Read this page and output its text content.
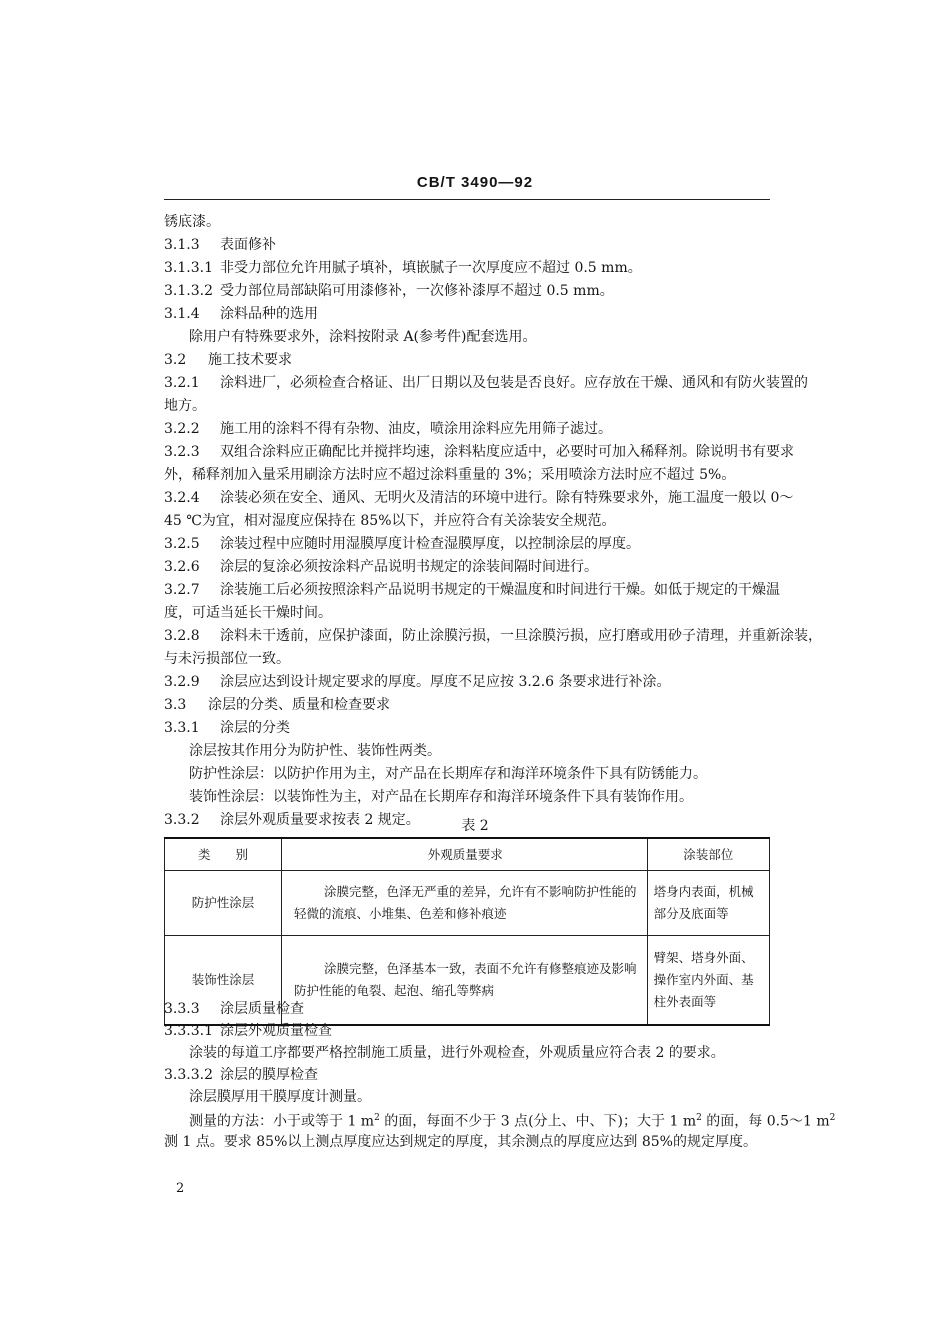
CB/T 3490—92
锈底漆。
3.1.3 表面修补
3.1.3.1 非受力部位允许用腻子填补，填嵌腻子一次厚度应不超过 0.5 mm。
3.1.3.2 受力部位局部缺陷可用漆修补，一次修补漆厚不超过 0.5 mm。
3.1.4 涂料品种的选用
除用户有特殊要求外，涂料按附录 A(参考件)配套选用。
3.2 施工技术要求
3.2.1 涂料进厂，必须检查合格证、出厂日期以及包装是否良好。应存放在干燥、通风和有防火装置的
地方。
3.2.2 施工用的涂料不得有杂物、油皮，喷涂用涂料应先用筛子滤过。
3.2.3 双组合涂料应正确配比并搅拌均速，涂料粘度应适中，必要时可加入稀释剂。除说明书有要求
外，稀释剂加入量采用刷涂方法时应不超过涂料重量的 3%；采用喷涂方法时应不超过 5%。
3.2.4 涂装必须在安全、通风、无明火及清洁的环境中进行。除有特殊要求外，施工温度一般以 0～
45 ℃为宜，相对湿度应保持在 85%以下，并应符合有关涂装安全规范。
3.2.5 涂装过程中应随时用湿膜厚度计检查湿膜厚度，以控制涂层的厚度。
3.2.6 涂层的复涂必须按涂料产品说明书规定的涂装间隔时间进行。
3.2.7 涂装施工后必须按照涂料产品说明书规定的干燥温度和时间进行干燥。如低于规定的干燥温
度，可适当延长干燥时间。
3.2.8 涂料未干透前，应保护漆面，防止涂膜污损，一旦涂膜污损，应打磨或用砂子清理，并重新涂装，
与未污损部位一致。
3.2.9 涂层应达到设计规定要求的厚度。厚度不足应按 3.2.6 条要求进行补涂。
3.3 涂层的分类、质量和检查要求
3.3.1 涂层的分类
涂层按其作用分为防护性、装饰性两类。
防护性涂层：以防护作用为主，对产品在长期库存和海洋环境条件下具有防锈能力。
装饰性涂层：以装饰性为主，对产品在长期库存和海洋环境条件下具有装饰作用。
3.3.2 涂层外观质量要求按表 2 规定。	表 2
类　　别	外观质量要求	涂装部位
防护性涂层	涂膜完整，色泽无严重的差异，允许有不影响防护性能的轻微的流痕、小堆集、色差和修补痕迹	塔身内表面，机械部分及底面等
装饰性涂层	涂膜完整，色泽基本一致，表面不允许有修整痕迹及影响防护性能的龟裂、起泡、缩孔等弊病	臂架、塔身外面、操作室内外面、基柱外表面等
3.3.3 涂层质量检查
3.3.3.1 涂层外观质量检查
涂装的每道工序都要严格控制施工质量，进行外观检查，外观质量应符合表 2 的要求。
3.3.3.2 涂层的膜厚检查
涂层膜厚用干膜厚度计测量。
测量的方法：小于或等于 1 $m^2$ 的面，每面不少于 3 点(分上、中、下)；大于 1 $m^2$ 的面，每 0.5～1 $m^2$
测 1 点。要求 85%以上测点厚度应达到规定的厚度，其余测点的厚度应达到 85%的规定厚度。
2
